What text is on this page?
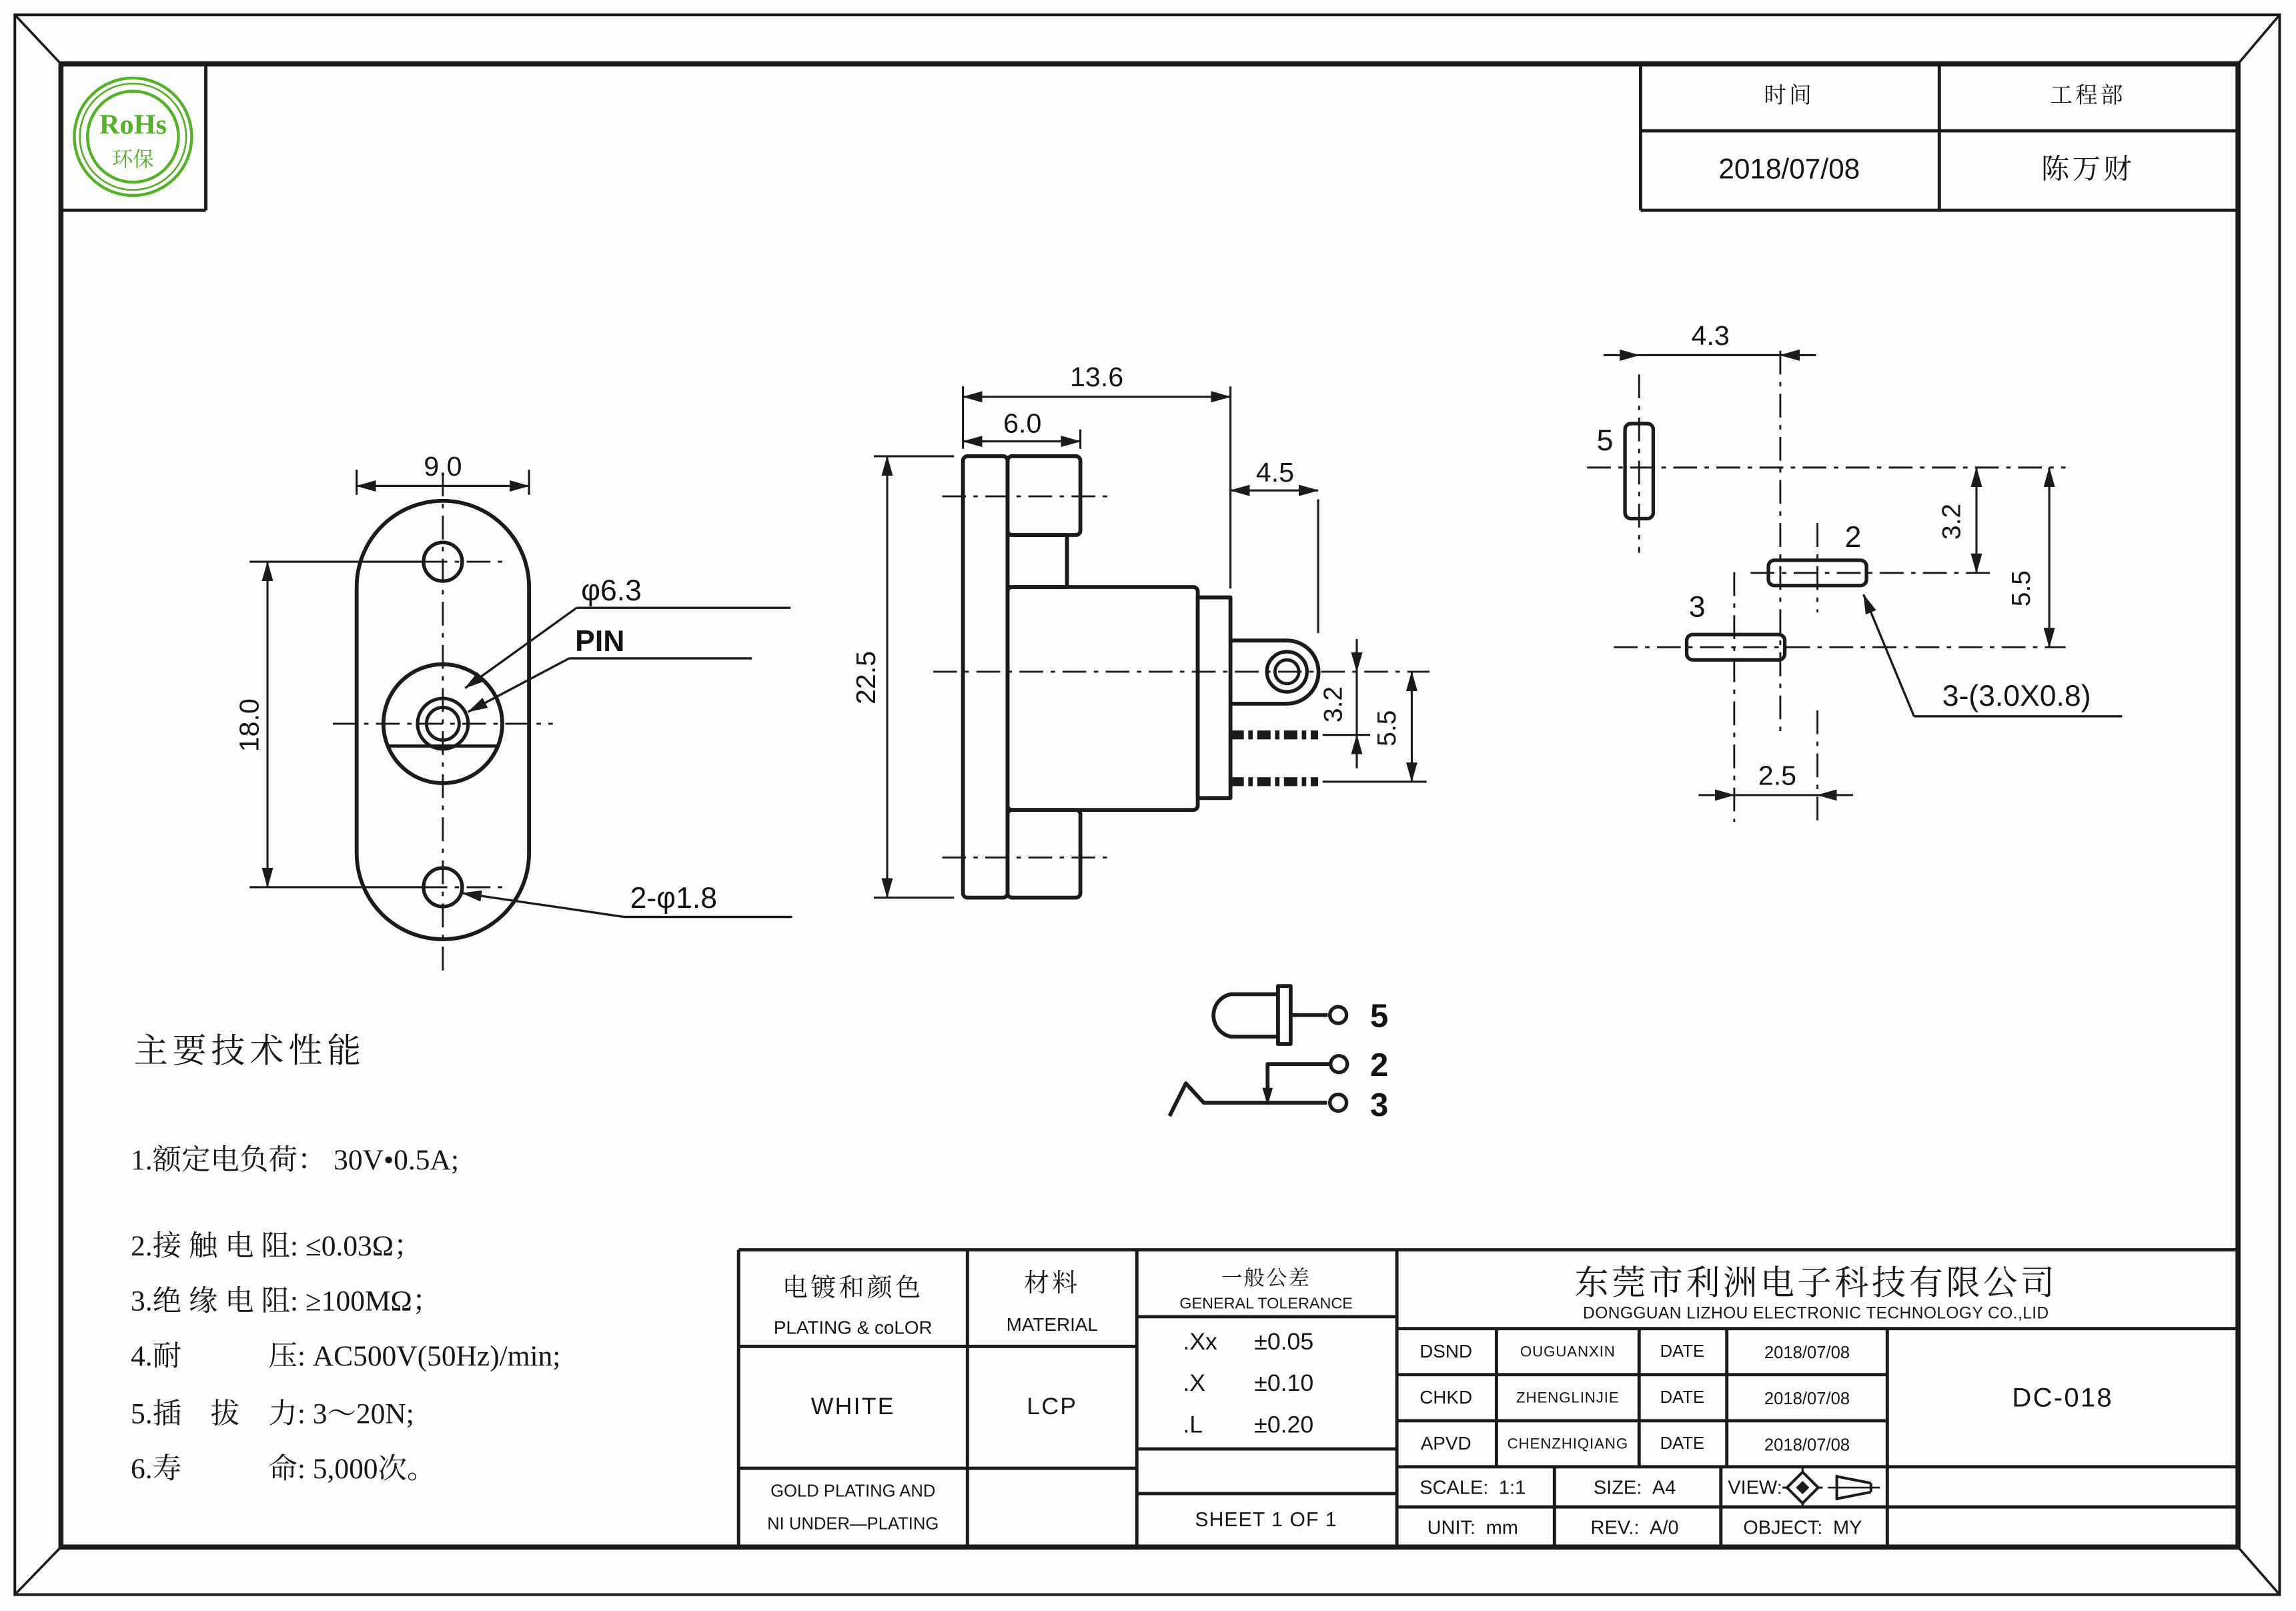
RoHs
环保
9.0
18.0
φ6.3
PIN
2-φ1.8
13.6
6.0
4.5
22.5	3.2
5.5
4.3
3.2
5.5
2.5
5
2
3
3-(3.0X0.8)
5
2
3
时间	工程部
2018/07/08	陈万财
主要技术性能
1.额定电负荷： 30V•0.5A;
2.接 触 电 阻: ≤0.03Ω；
3.绝 缘 电 阻: ≥100MΩ；
4.耐　　　压: AC500V(50Hz)/min;
5.插　拔　力: 3～20N;
6.寿　　　命: 5,000次。
电镀和颜色
PLATING & coLOR
材料
MATERIAL
一般公差
GENERAL TOLERANCE
WHITE	LCP
GOLD PLATING AND
NI UNDER—PLATING
.Xx	±0.05
.X	±0.10
.L	±0.20
SHEET 1 OF 1
东莞市利洲电子科技有限公司
DONGGUAN LIZHOU ELECTRONIC TECHNOLOGY CO.,LID
DSND	OUGUANXIN	DATE	2018/07/08
CHKD	ZHENGLINJIE	DATE	2018/07/08
APVD	CHENZHIQIANG	DATE	2018/07/08
DC-018
SCALE: 1:1	SIZE: A4	VIEW:
UNIT: mm	REV.: A/0	OBJECT: MY
